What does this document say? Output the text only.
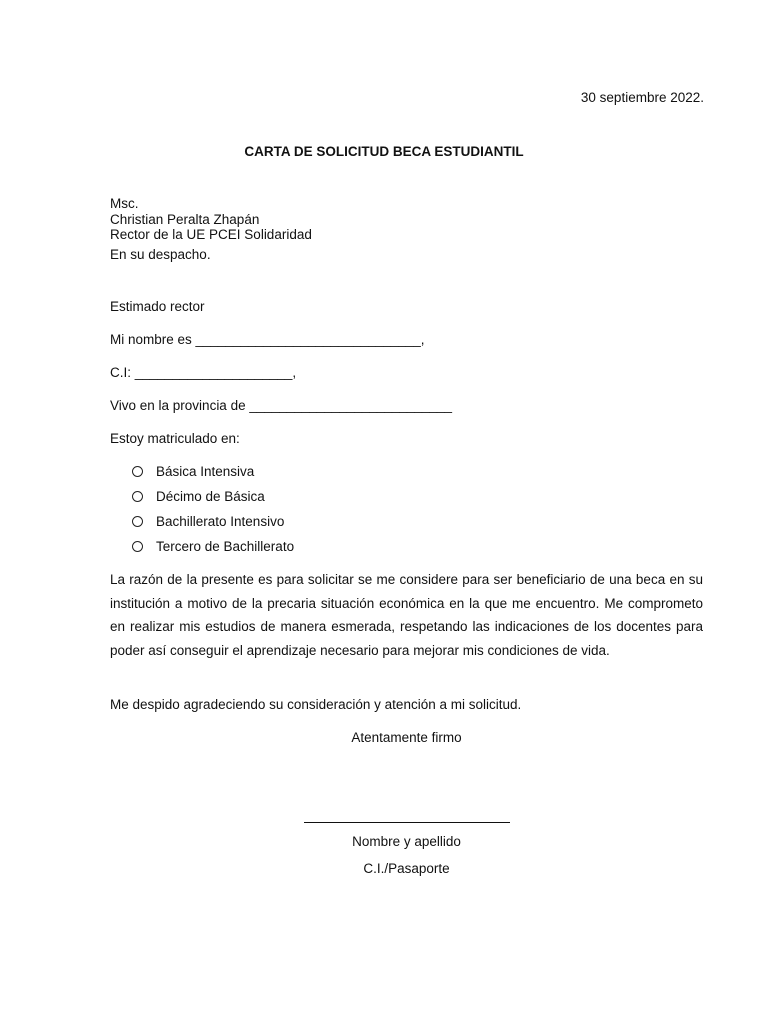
30 septiembre 2022.
CARTA DE SOLICITUD BECA ESTUDIANTIL
Msc.
Christian Peralta Zhapán
Rector de la UE PCEI Solidaridad
En su despacho.
Estimado rector
Mi nombre es ______________________________,
C.I: _____________________,
Vivo en la provincia de ___________________________
Estoy matriculado en:
Básica Intensiva
Décimo de Básica
Bachillerato Intensivo
Tercero de Bachillerato
La razón de la presente es para solicitar se me considere para ser beneficiario de una beca en su institución a motivo de la precaria situación económica en la que me encuentro. Me comprometo en realizar mis estudios de manera esmerada, respetando las indicaciones de los docentes para poder así conseguir el aprendizaje necesario para mejorar mis condiciones de vida.
Me despido agradeciendo su consideración y atención a mi solicitud.
Atentamente firmo
Nombre y apellido
C.I./Pasaporte
